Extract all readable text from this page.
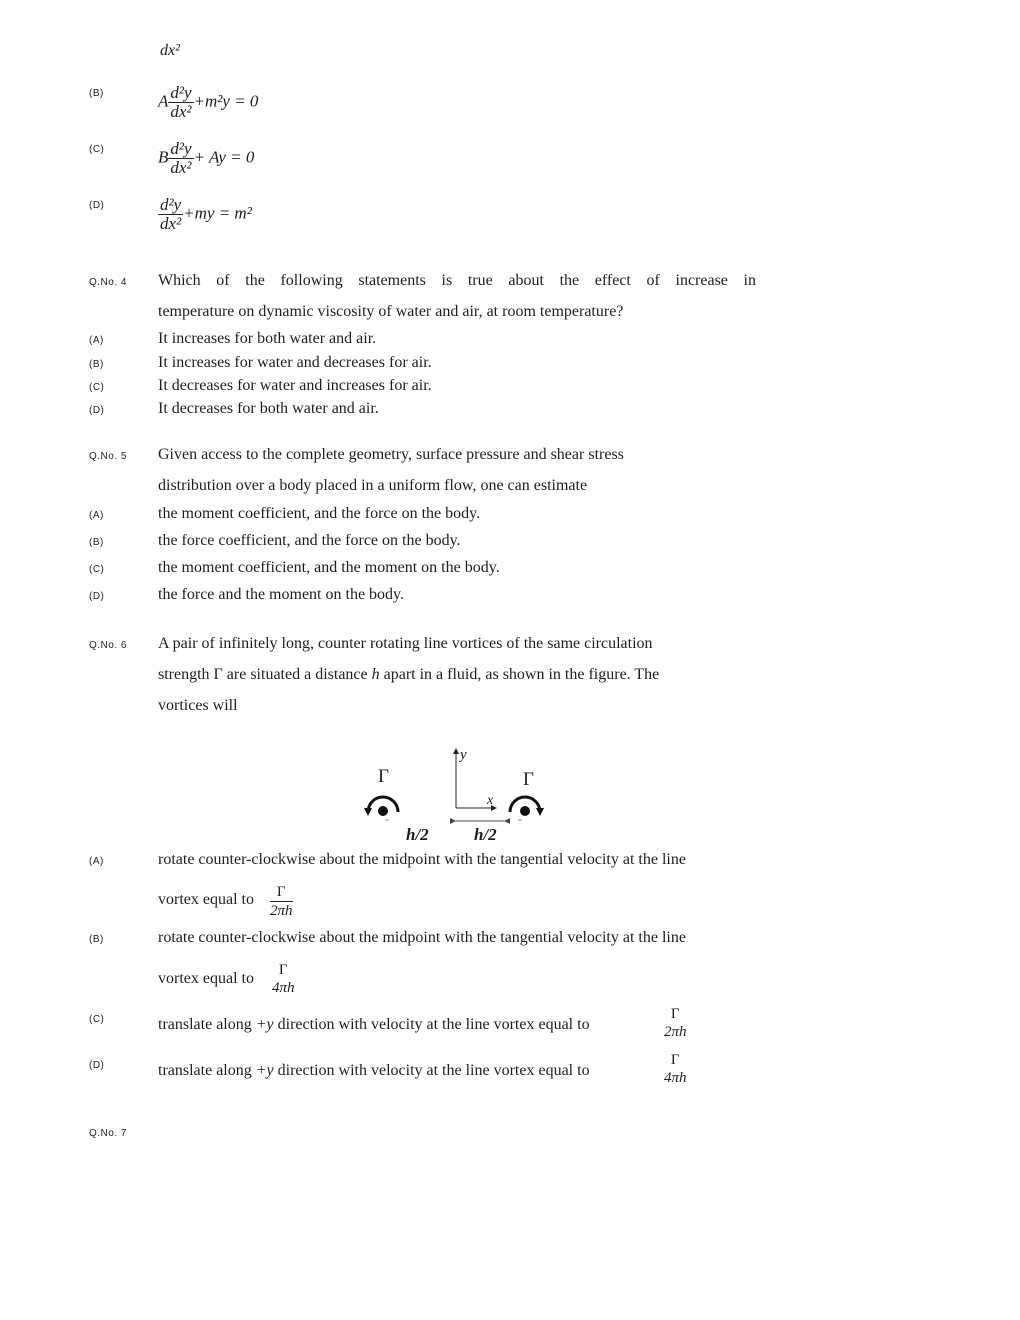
dx²
(B)	A $\frac{\text{d²y}}{\text{dx²}} +m^2y = 0$
(C)	B $\frac{\text{d²y}}{\text{dx²}} + Ay = 0$
(D)	$\frac{\text{d²y}}{\text{dx²}} +my = m^2$
Q.No. 4 Which of the following statements is true about the effect of increase in
temperature on dynamic viscosity of water and air, at room temperature?
(A)	It increases for both water and air.
(B)	It increases for water and decreases for air.
(C)	It decreases for water and increases for air.
(D)	It decreases for both water and air.
Q.No. 5 Given access to the complete geometry, surface pressure and shear stress
distribution over a body placed in a uniform flow, one can estimate
(A)	the moment coefficient, and the force on the body.
(B)	the force coefficient, and the force on the body.
(C)	the moment coefficient, and the moment on the body.
(D)	the force and the moment on the body.
Q.No. 6 A pair of infinitely long, counter rotating line vortices of the same circulation
strength Γ are situated a distance h apart in a fluid, as shown in the figure. The
vortices will
Γ	Γ
y
x
h/2	h/2
(A)	rotate counter-clockwise about the midpoint with the tangential velocity at the line
vortex equal to $\frac{\Gamma}{2\pi h}$
(B)	rotate counter-clockwise about the midpoint with the tangential velocity at the line
vortex equal to	Γ
4πh
(C)	translate along +y direction with velocity at the line vortex equal to
Γ
2πh
(D)	translate along +y direction with velocity at the line vortex equal to
Γ
4πh
Q.No. 7
